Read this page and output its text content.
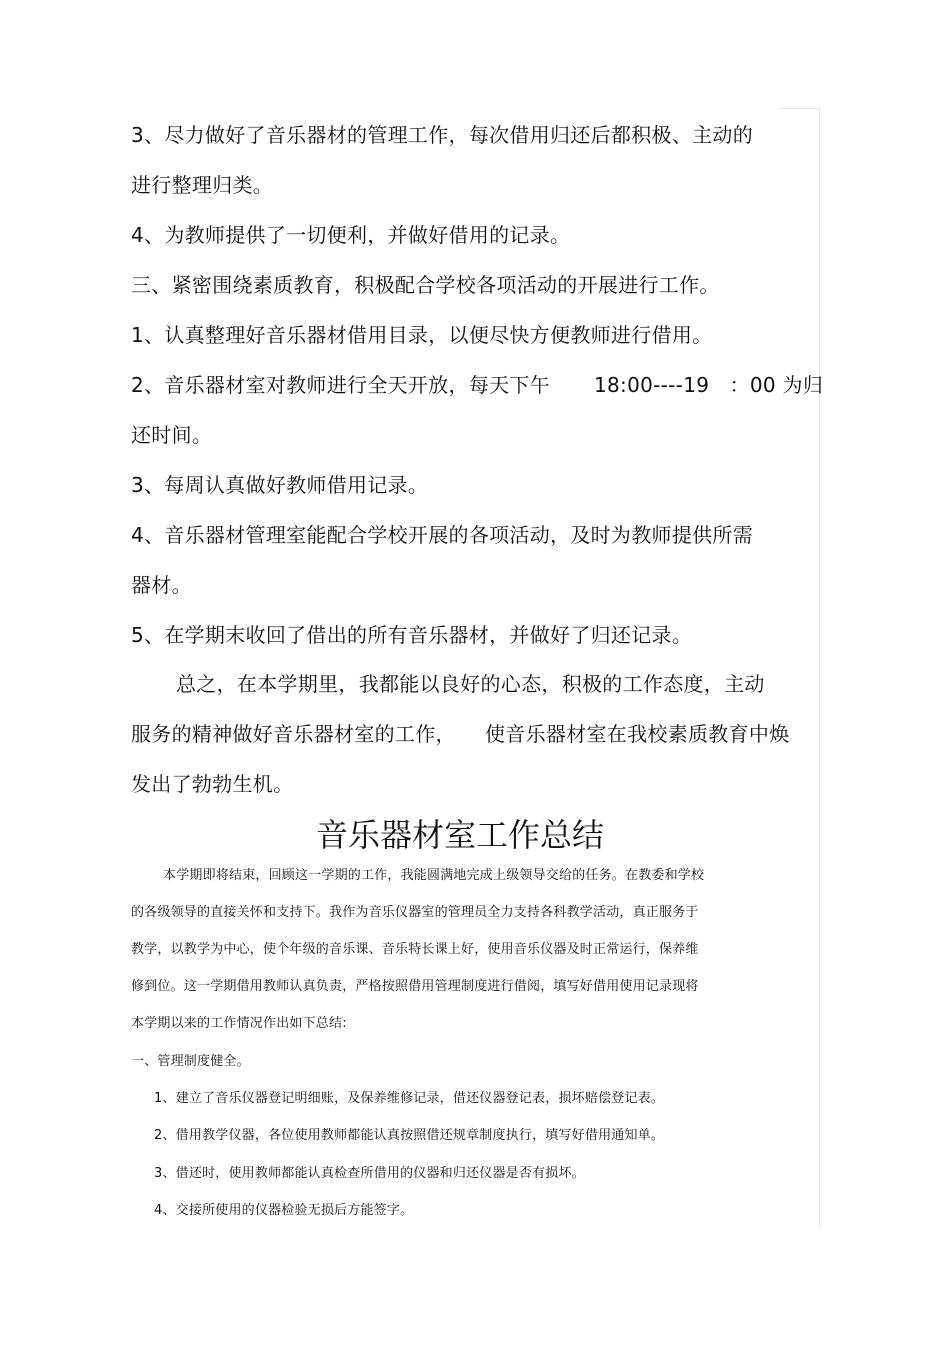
3、尽力做好了音乐器材的管理工作，每次借用归还后都积极、主动的
进行整理归类。
4、为教师提供了一切便利，并做好借用的记录。
三、紧密围绕素质教育，积极配合学校各项活动的开展进行工作。
1、认真整理好音乐器材借用目录，以便尽快方便教师进行借用。
2、音乐器材室对教师进行全天开放，每天下午 18:00----19　：00 为归
还时间。
3、每周认真做好教师借用记录。
4、音乐器材管理室能配合学校开展的各项活动，及时为教师提供所需
器材。
5、在学期末收回了借出的所有音乐器材，并做好了归还记录。
总之，在本学期里，我都能以良好的心态，积极的工作态度，主动
服务的精神做好音乐器材室的工作， 使音乐器材室在我校素质教育中焕
发出了勃勃生机。
音乐器材室工作总结
本学期即将结束，回顾这一学期的工作，我能圆满地完成上级领导交给的任务。在教委和学校
的各级领导的直接关怀和支持下。我作为音乐仪器室的管理员全力支持各科教学活动，真正服务于
教学，以教学为中心，使个年级的音乐课、音乐特长课上好，使用音乐仪器及时正常运行，保养维
修到位。这一学期借用教师认真负责，严格按照借用管理制度进行借阅，填写好借用使用记录现将
本学期以来的工作情况作出如下总结:
一、管理制度健全。
1、建立了音乐仪器登记明细账，及保养维修记录，借还仪器登记表，损坏赔偿登记表。
2、借用教学仪器，各位使用教师都能认真按照借还规章制度执行，填写好借用通知单。
3、借还时，使用教师都能认真检查所借用的仪器和归还仪器是否有损坏。
4、交接所使用的仪器检验无损后方能签字。
